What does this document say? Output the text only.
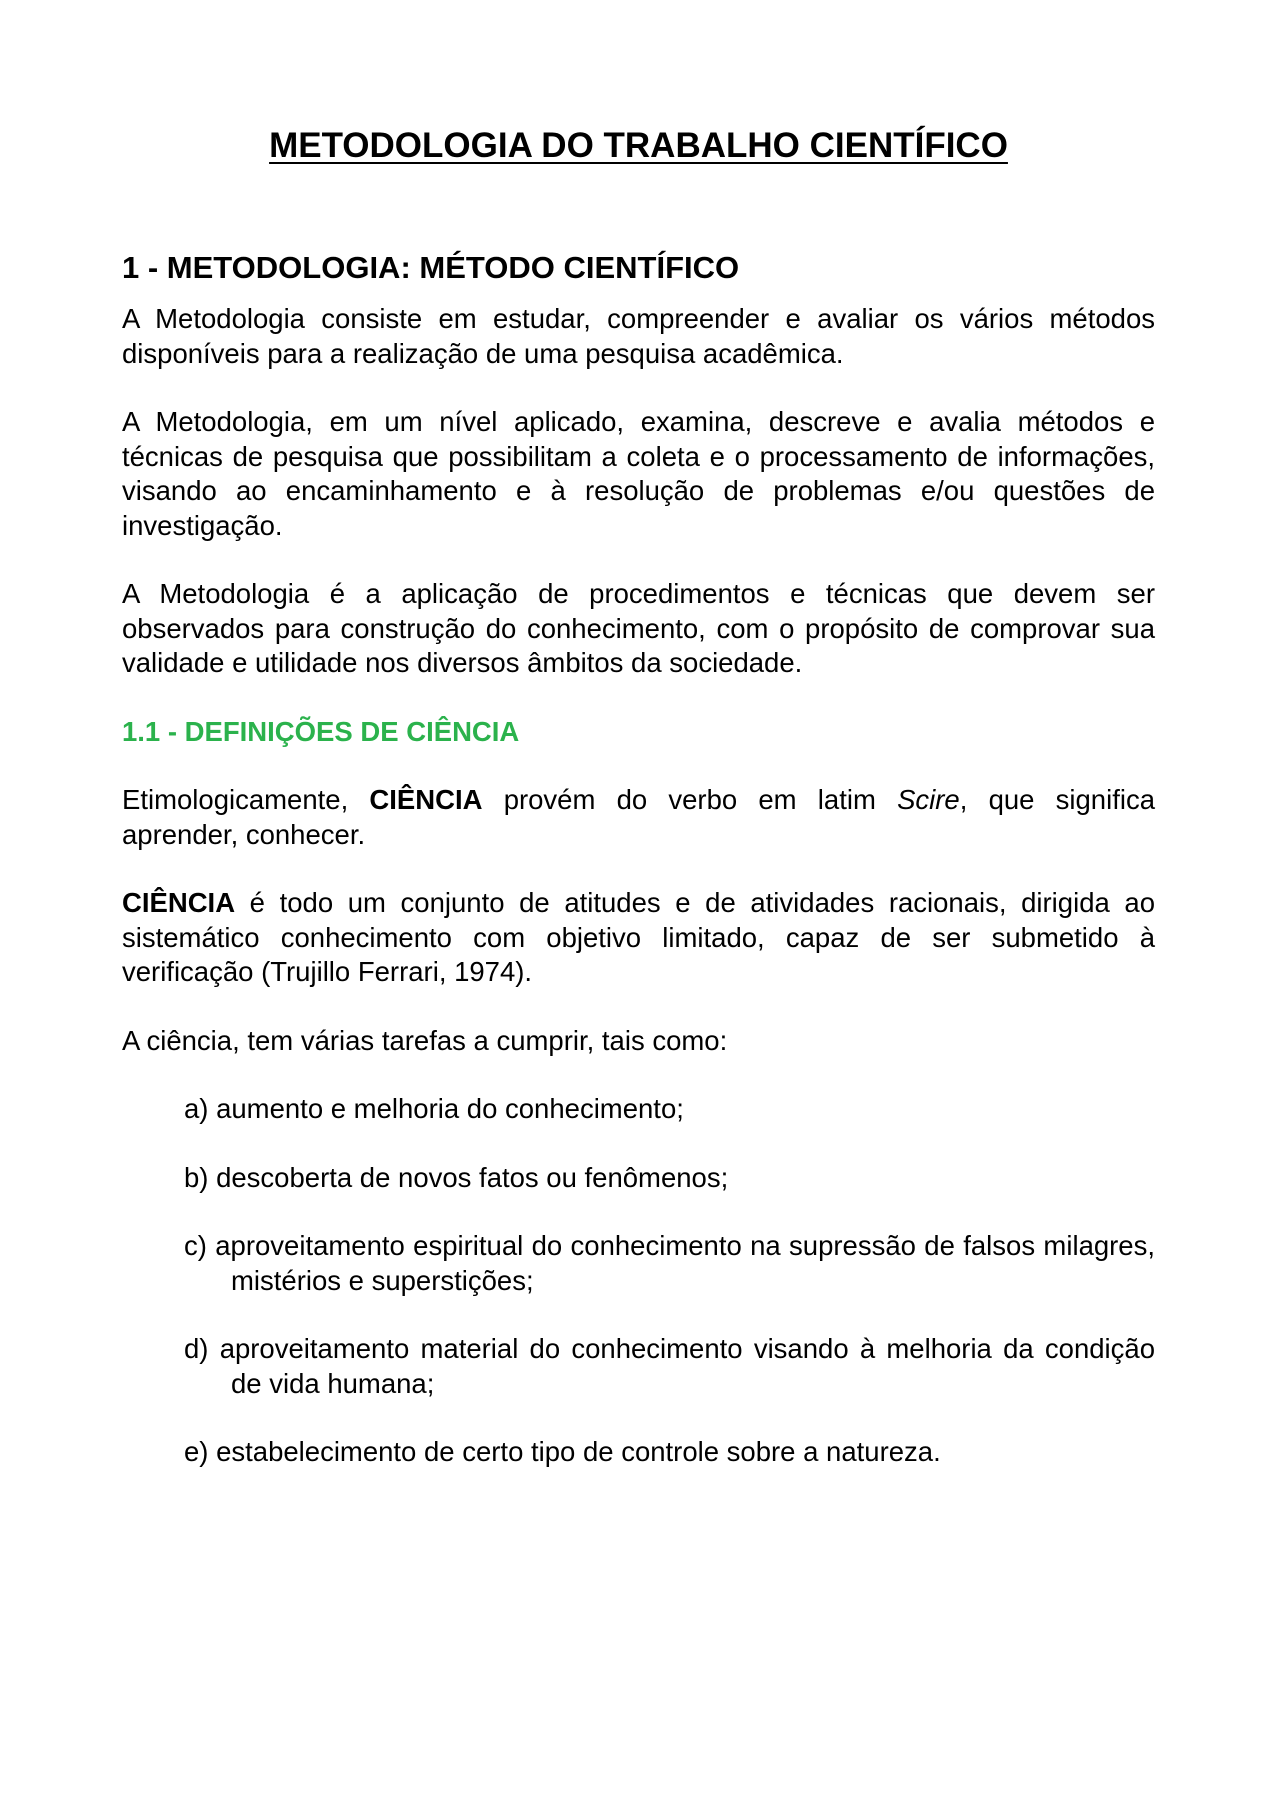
METODOLOGIA DO TRABALHO CIENTÍFICO
1 - METODOLOGIA: MÉTODO CIENTÍFICO

A Metodologia consiste em estudar, compreender e avaliar os vários métodos disponíveis para a realização de uma pesquisa acadêmica.

A Metodologia, em um nível aplicado, examina, descreve e avalia métodos e técnicas de pesquisa que possibilitam a coleta e o processamento de informações, visando ao encaminhamento e à resolução de problemas e/ou questões de investigação.

A Metodologia é a aplicação de procedimentos e técnicas que devem ser observados para construção do conhecimento, com o propósito de comprovar sua validade e utilidade nos diversos âmbitos da sociedade.

1.1 - DEFINIÇÕES DE CIÊNCIA

Etimologicamente, CIÊNCIA provém do verbo em latim Scire, que significa aprender, conhecer.

CIÊNCIA é todo um conjunto de atitudes e de atividades racionais, dirigida ao sistemático conhecimento com objetivo limitado, capaz de ser submetido à verificação (Trujillo Ferrari, 1974).

A ciência, tem várias tarefas a cumprir, tais como:

a) aumento e melhoria do conhecimento;
b) descoberta de novos fatos ou fenômenos;
c) aproveitamento espiritual do conhecimento na supressão de falsos milagres, mistérios e superstições;
d) aproveitamento material do conhecimento visando à melhoria da condição de vida humana;
e) estabelecimento de certo tipo de controle sobre a natureza.
